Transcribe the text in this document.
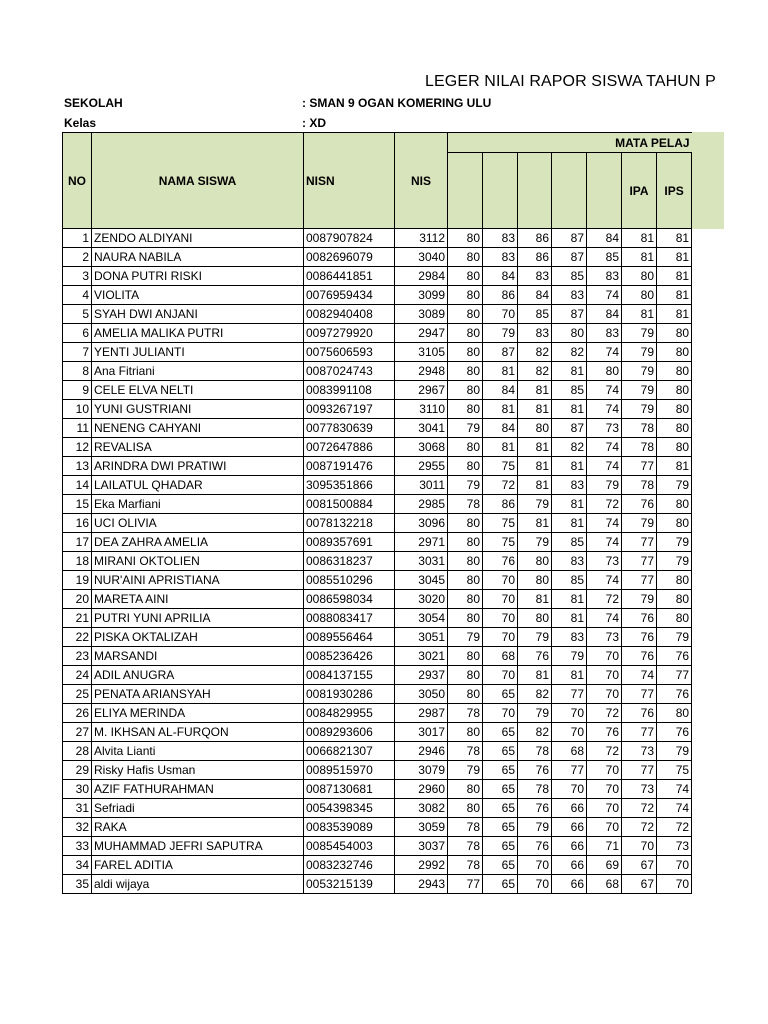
LEGER NILAI RAPOR SISWA TAHUN P
SEKOLAH	: SMAN 9 OGAN KOMERING ULU
Kelas	: XD
NO	NAMA SISWA	NISN	NIS	MATA PELAJ						
									IPA	IPS
1	ZENDO ALDIYANI	0087907824	3112	80	83	86	87	84	81	81
2	NAURA NABILA	0082696079	3040	80	83	86	87	85	81	81
3	DONA PUTRI RISKI	0086441851	2984	80	84	83	85	83	80	81
4	VIOLITA	0076959434	3099	80	86	84	83	74	80	81
5	SYAH DWI ANJANI	0082940408	3089	80	70	85	87	84	81	81
6	AMELIA MALIKA PUTRI	0097279920	2947	80	79	83	80	83	79	80
7	YENTI JULIANTI	0075606593	3105	80	87	82	82	74	79	80
8	Ana Fitriani	0087024743	2948	80	81	82	81	80	79	80
9	CELE ELVA NELTI	0083991108	2967	80	84	81	85	74	79	80
10	YUNI GUSTRIANI	0093267197	3110	80	81	81	81	74	79	80
11	NENENG CAHYANI	0077830639	3041	79	84	80	87	73	78	80
12	REVALISA	0072647886	3068	80	81	81	82	74	78	80
13	ARINDRA DWI PRATIWI	0087191476	2955	80	75	81	81	74	77	81
14	LAILATUL QHADAR	3095351866	3011	79	72	81	83	79	78	79
15	Eka Marfiani	0081500884	2985	78	86	79	81	72	76	80
16	UCI OLIVIA	0078132218	3096	80	75	81	81	74	79	80
17	DEA ZAHRA AMELIA	0089357691	2971	80	75	79	85	74	77	79
18	MIRANI OKTOLIEN	0086318237	3031	80	76	80	83	73	77	79
19	NUR'AINI APRISTIANA	0085510296	3045	80	70	80	85	74	77	80
20	MARETA AINI	0086598034	3020	80	70	81	81	72	79	80
21	PUTRI YUNI APRILIA	0088083417	3054	80	70	80	81	74	76	80
22	PISKA OKTALIZAH	0089556464	3051	79	70	79	83	73	76	79
23	MARSANDI	0085236426	3021	80	68	76	79	70	76	76
24	ADIL ANUGRA	0084137155	2937	80	70	81	81	70	74	77
25	PENATA ARIANSYAH	0081930286	3050	80	65	82	77	70	77	76
26	ELIYA MERINDA	0084829955	2987	78	70	79	70	72	76	80
27	M. IKHSAN AL-FURQON	0089293606	3017	80	65	82	70	76	77	76
28	Alvita Lianti	0066821307	2946	78	65	78	68	72	73	79
29	Risky Hafis Usman	0089515970	3079	79	65	76	77	70	77	75
30	AZIF FATHURAHMAN	0087130681	2960	80	65	78	70	70	73	74
31	Sefriadi	0054398345	3082	80	65	76	66	70	72	74
32	RAKA	0083539089	3059	78	65	79	66	70	72	72
33	MUHAMMAD JEFRI SAPUTRA	0085454003	3037	78	65	76	66	71	70	73
34	FAREL ADITIA	0083232746	2992	78	65	70	66	69	67	70
35	aldi wijaya	0053215139	2943	77	65	70	66	68	67	70
